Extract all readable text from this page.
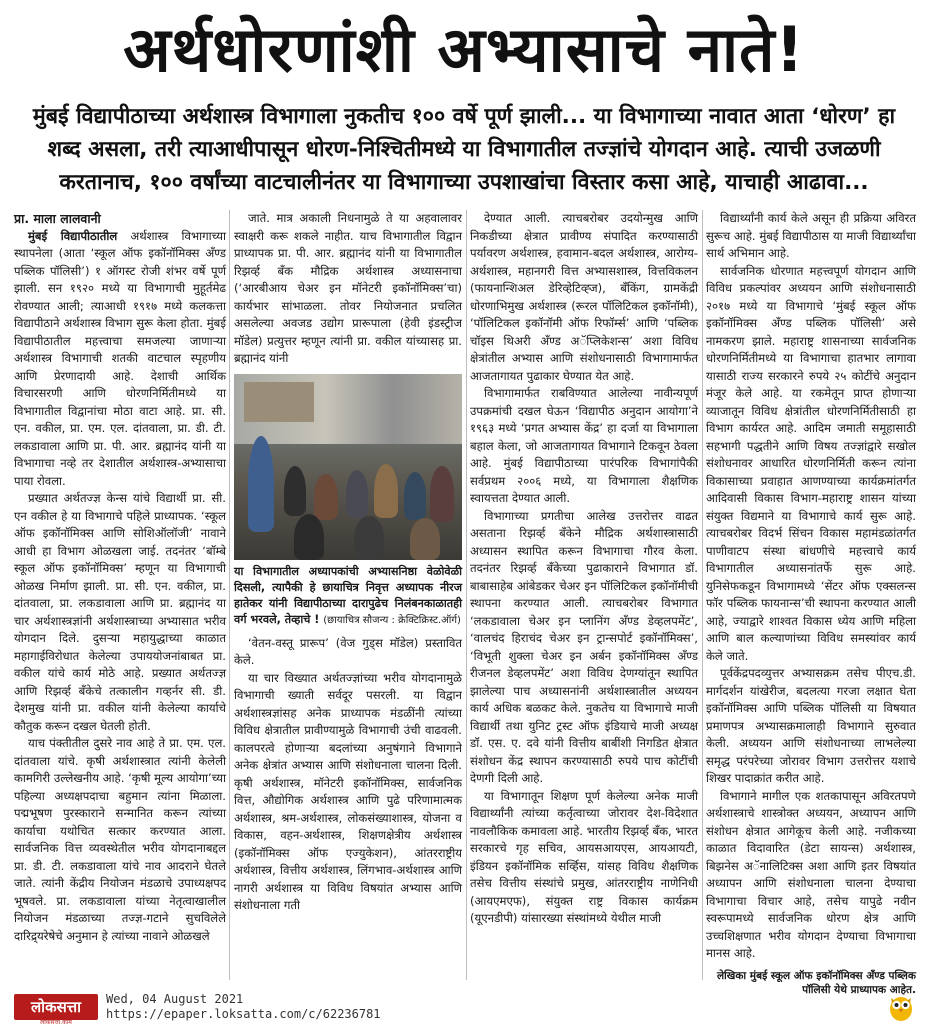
अर्थधोरणांशी अभ्यासाचे नाते!
मुंबई विद्यापीठाच्या अर्थशास्त्र विभागाला नुकतीच १०० वर्षे पूर्ण झाली... या विभागाच्या नावात आता ‘धोरण’ हा शब्द असला, तरी त्याआधीपासून धोरण-निश्चितीमध्ये या विभागातील तज्ज्ञांचे योगदान आहे. त्याची उजळणी करतानाच, १०० वर्षांच्या वाटचालीनंतर या विभागाच्या उपशाखांचा विस्तार कसा आहे, याचाही आढावा...

प्रा. माला लालवानी

मुंबई विद्यापीठातील अर्थशास्त्र विभागाच्या स्थापनेला (आता ‘स्कूल ऑफ इकॉनॉमिक्स अँण्ड पब्लिक पॉलिसी’) १ ऑगस्ट रोजी शंभर वर्षे पूर्ण झाली. सन १९२० मध्ये या विभागाची मुहूर्तमेढ रोवण्यात आली; त्याआधी १९१७ मध्ये कलकत्ता विद्यापीठाने अर्थशास्त्र विभाग सुरू केला होता. मुंबई विद्यापीठातील महत्त्वाचा समजल्या जाणाऱ्या अर्थशास्त्र विभागाची शतकी वाटचाल स्पृहणीय आणि प्रेरणादायी आहे. देशाची आर्थिक विचारसरणी आणि धोरणनिर्मितीमध्ये या विभागातील विद्वानांचा मोठा वाटा आहे. प्रा. सी. एन. वकील, प्रा. एम. एल. दांतवाला, प्रा. डी. टी. लकडावाला आणि प्रा. पी. आर. ब्रह्मानंद यांनी या विभागाचा नव्हे तर देशातील अर्थशास्त्र-अभ्यासाचा पाया रोवला.

प्रख्यात अर्थतज्ज्ञ केन्स यांचे विद्यार्थी प्रा. सी. एन वकील हे या विभागाचे पहिले प्राध्यापक. ‘स्कूल ऑफ इकॉनॉमिक्स आणि सोशिऑलॉजी’ नावाने आधी हा विभाग ओळखला जाई. तदनंतर ‘बॉम्बे स्कूल ऑफ इकॉनॉमिक्स’ म्हणून या विभागाची ओळख निर्माण झाली. प्रा. सी. एन. वकील, प्रा. दांतवाला, प्रा. लकडावाला आणि प्रा. ब्रह्मानंद या चार अर्थशास्त्रज्ञांनी अर्थशास्त्राच्या अभ्यासात भरीव योगदान दिले. दुसऱ्या महायुद्धाच्या काळात महागाईविरोधात केलेल्या उपाययोजनांबाबत प्रा. वकील यांचे कार्य मोठे आहे. प्रख्यात अर्थतज्ज्ञ आणि रिझर्व्ह बँकेचे तत्कालीन गव्हर्नर सी. डी. देशमुख यांनी प्रा. वकील यांनी केलेल्या कार्याचे कौतुक करून दखल घेतली होती.

याच पंक्तीतील दुसरे नाव आहे ते प्रा. एम. एल. दांतवाला यांचे. कृषी अर्थशास्त्रात त्यांनी केलेली कामगिरी उल्लेखनीय आहे. ‘कृषी मूल्य आयोगा’च्या पहिल्या अध्यक्षपदाचा बहुमान त्यांना मिळाला. पद्मभूषण पुरस्काराने सन्मानित करून त्यांच्या कार्याचा यथोचित सत्कार करण्यात आला. सार्वजनिक वित्त व्यवस्थेतील भरीव योगदानाबद्दल प्रा. डी. टी. लकडावाला यांचे नाव आदराने घेतले जाते. त्यांनी केंद्रीय नियोजन मंडळाचे उपाध्यक्षपद भूषवले. प्रा. लकडावाला यांच्या नेतृत्वाखालील नियोजन मंडळाच्या तज्ज्ञ-गटाने सुचविलेले दारिद्र्यरेषेचे अनुमान हे त्यांच्या नावाने ओळखले

जाते. मात्र अकाली निधनामुळे ते या अहवालावर स्वाक्षरी करू शकले नाहीत. याच विभागातील विद्वान प्राध्यापक प्रा. पी. आर. ब्रह्मानंद यांनी या विभागातील रिझर्व्ह बँक मौद्रिक अर्थशास्त्र अध्यासनाचा (‘आरबीआय चेअर इन मॉनेटरी इकॉनॉमिक्स’चा) कार्यभार सांभाळला. तोवर नियोजनात प्रचलित असलेल्या अवजड उद्योग प्रारूपाला (हेवी इंडस्ट्रीज मॉडेल) प्रत्युत्तर म्हणून त्यांनी प्रा. वकील यांच्यासह प्रा. ब्रह्मानंद यांनी

या विभागातील अध्यापकांची अभ्यासनिष्ठा वेळोवेळी दिसली, त्यापैकी हे छायाचित्र निवृत्त अध्यापक नीरज हातेकर यांनी विद्यापीठाच्या दारापुढेच निलंबनकाळातही वर्ग भरवले, तेव्हाचे ! (छायाचित्र सौजन्य : क्रेक्टिक्रिस्ट.ऑर्ग)

‘वेतन-वस्तू प्रारूप’ (वेज गुड्स मॉडेल) प्रस्तावित केले.

या चार विख्यात अर्थतज्ज्ञांच्या भरीव योगदानामुळे विभागाची ख्याती सर्वदूर पसरली. या विद्वान अर्थशास्त्रज्ञांसह अनेक प्राध्यापक मंडळींनी त्यांच्या विविध क्षेत्रातील प्रावीण्यामुळे विभागाची उंची वाढवली. कालपरत्वे होणाऱ्या बदलांच्या अनुषंगाने विभागाने अनेक क्षेत्रांत अभ्यास आणि संशोधनाला चालना दिली. कृषी अर्थशास्त्र, मॉनेटरी इकॉनॉमिक्स, सार्वजनिक वित्त, औद्योगिक अर्थशास्त्र आणि पुढे परिणामात्मक अर्थशास्त्र, श्रम-अर्थशास्त्र, लोकसंख्याशास्त्र, योजना व विकास, वहन-अर्थशास्त्र, शिक्षणक्षेत्रीय अर्थशास्त्र (इकॉनॉमिक्स ऑफ एज्युकेशन), आंतरराष्ट्रीय अर्थशास्त्र, वित्तीय अर्थशास्त्र, लिंगभाव-अर्थशास्त्र आणि नागरी अर्थशास्त्र या विविध विषयांत अभ्यास आणि संशोधनाला गती

देण्यात आली. त्याचबरोबर उदयोन्मुख आणि निकडीच्या क्षेत्रात प्रावीण्य संपादित करण्यासाठी पर्यावरण अर्थशास्त्र, हवामान-बदल अर्थशास्त्र, आरोग्य-अर्थशास्त्र, महानगरी वित्त अभ्यासशास्त्र, वित्तविकलन (फायनान्शिअल डेरिव्हेटिव्ह्ज), बँकिंग, ग्रामकेंद्री धोरणाभिमुख अर्थशास्त्र (रूरल पॉलिटिकल इकॉनॉमी), ‘पॉलिटिकल इकॉनॉमी ऑफ रिफॉर्म्स’ आणि ‘पब्लिक चॉइस थिअरी अँण्ड अॅप्लिकेशन्स’ अशा विविध क्षेत्रांतील अभ्यास आणि संशोधनासाठी विभागामार्फत आजतागायत पुढाकार घेण्यात येत आहे.

विभागामार्फत राबविण्यात आलेल्या नावीन्यपूर्ण उपक्रमांची दखल घेऊन ‘विद्यापीठ अनुदान आयोगा’ने १९६३ मध्ये ‘प्रगत अभ्यास केंद्र’ हा दर्जा या विभागाला बहाल केला, जो आजतागायत विभागाने टिकवून ठेवला आहे. मुंबई विद्यापीठाच्या पारंपरिक विभागांपैकी सर्वप्रथम २००६ मध्ये, या विभागाला शैक्षणिक स्वायत्तता देण्यात आली.

विभागाच्या प्रगतीचा आलेख उत्तरोत्तर वाढत असताना रिझर्व्ह बँकेने मौद्रिक अर्थशास्त्रासाठी अध्यासन स्थापित करून विभागाचा गौरव केला. तदनंतर रिझर्व्ह बँकेच्या पुढाकाराने विभागात डॉ. बाबासाहेब आंबेडकर चेअर इन पॉलिटिकल इकॉनॉमीची स्थापना करण्यात आली. त्याचबरोबर विभागात ‘लकडावाला चेअर इन प्लानिंग अँण्ड डेव्हलपमेंट’, ‘वालचंद हिराचंद चेअर इन ट्रान्सपोर्ट इकॉनॉमिक्स’, ‘विभूती शुक्ला चेअर इन अर्बन इकॉनॉमिक्स अँण्ड रीजनल डेव्हलपमेंट’ अशा विविध देणग्यांतून स्थापित झालेल्या पाच अध्यासनांनी अर्थशास्त्रातील अध्ययन कार्य अधिक बळकट केले. नुकतेच या विभागाचे माजी विद्यार्थी तथा युनिट ट्रस्ट ऑफ इंडियाचे माजी अध्यक्ष डॉ. एस. ए. दवे यांनी वित्तीय बाबींशी निगडित क्षेत्रात संशोधन केंद्र स्थापन करण्यासाठी रुपये पाच कोटींची देणगी दिली आहे.

या विभागातून शिक्षण पूर्ण केलेल्या अनेक माजी विद्यार्थ्यांनी त्यांच्या कर्तृत्वाच्या जोरावर देश-विदेशात नावलौकिक कमावला आहे. भारतीय रिझर्व्ह बँक, भारत सरकारचे गृह सचिव, आयसआयएस, आयआयटी, इंडियन इकॉनॉमिक सर्व्हिस, यांसह विविध शैक्षणिक तसेच वित्तीय संस्थांचे प्रमुख, आंतरराष्ट्रीय नाणेनिधी (आयएमएफ), संयुक्त राष्ट्र विकास कार्यक्रम (यूएनडीपी) यांसारख्या संस्थांमध्ये येथील माजी

विद्यार्थ्यांनी कार्य केले असून ही प्रक्रिया अविरत सुरूच आहे. मुंबई विद्यापीठास या माजी विद्यार्थ्यांचा सार्थ अभिमान आहे.

सार्वजनिक धोरणात महत्त्वपूर्ण योगदान आणि विविध प्रकल्पांवर अध्ययन आणि संशोधनासाठी २०१७ मध्ये या विभागाचे ‘मुंबई स्कूल ऑफ इकॉनॉमिक्स अँण्ड पब्लिक पॉलिसी’ असे नामकरण झाले. महाराष्ट्र शासनाच्या सार्वजनिक धोरणनिर्मितीमध्ये या विभागाचा हातभार लागावा यासाठी राज्य सरकारने रुपये २५ कोटींचे अनुदान मंजूर केले आहे. या रकमेतून प्राप्त होणाऱ्या व्याजातून विविध क्षेत्रांतील धोरणनिर्मितीसाठी हा विभाग कार्यरत आहे. आदिम जमाती समूहासाठी सहभागी पद्धतीने आणि विषय तज्ज्ञांद्वारे सखोल संशोधनावर आधारित धोरणनिर्मिती करून त्यांना विकासाच्या प्रवाहात आणण्याच्या कार्यक्रमांतर्गत आदिवासी विकास विभाग-महाराष्ट्र शासन यांच्या संयुक्त विद्यमाने या विभागाचे कार्य सुरू आहे. त्याचबरोबर विदर्भ सिंचन विकास महामंडळांतर्गत पाणीवाटप संस्था बांधणीचे महत्त्वाचे कार्य विभागातील अध्यासनांतर्फे सुरू आहे. युनिसेफकडून विभागामध्ये ‘सेंटर ऑफ एक्सलन्स फॉर पब्लिक फायनान्स’ची स्थापना करण्यात आली आहे, ज्याद्वारे शाश्वत विकास ध्येय आणि महिला आणि बाल कल्याणांच्या विविध समस्यांवर कार्य केले जाते.

पूर्वकेंद्रपदव्युत्तर अभ्यासक्रम तसेच पीएच.डी. मार्गदर्शन यांखेरीज, बदलत्या गरजा लक्षात घेता इकॉनॉमिक्स आणि पब्लिक पॉलिसी या विषयात प्रमाणपत्र अभ्यासक्रमालाही विभागाने सुरुवात केली. अध्ययन आणि संशोधनाच्या लाभलेल्या समृद्ध परंपरेच्या जोरावर विभाग उत्तरोत्तर यशाचे शिखर पादाक्रांत करीत आहे.

विभागाने मागील एक शतकापासून अविरतपणे अर्थशास्त्राचे शास्त्रोक्त अध्ययन, अध्यापन आणि संशोधन क्षेत्रात आगेकूच केली आहे. नजीकच्या काळात विदावारित (डेटा सायन्स) अर्थशास्त्र, बिझनेस अॅनालिटिक्स अशा आणि इतर विषयांत अध्यापन आणि संशोधनाला चालना देण्याचा विभागाचा विचार आहे, तसेच यापुढे नवीन स्वरूपामध्ये सार्वजनिक धोरण क्षेत्र आणि उच्चशिक्षणात भरीव योगदान देण्याचा विभागाचा मानस आहे.

लेखिका मुंबई स्कूल ऑफ इकॉनॉमिक्स अँण्ड पब्लिक पॉलिसी येथे प्राध्यापक आहेत.

लोकसत्ता
लोकसत्ता.कॉम
Wed, 04 August 2021
https://epaper.loksatta.com/c/62236781
